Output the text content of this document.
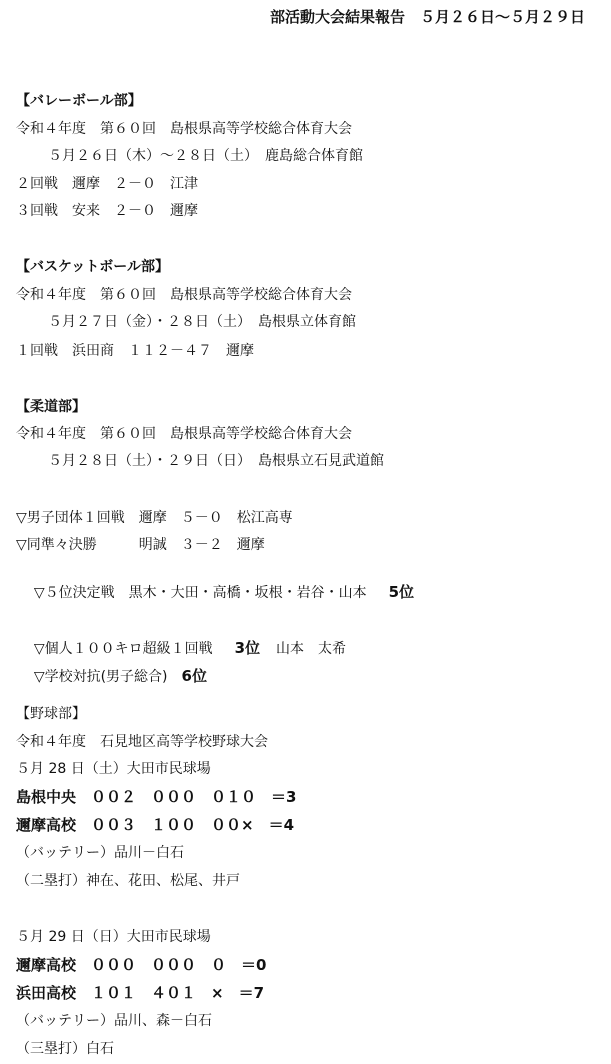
部活動大会結果報告　５月２６日〜５月２９日
【バレーボール部】
令和４年度　第６０回　島根県高等学校総合体育大会
５月２６日（木）〜２８日（土）　鹿島総合体育館
２回戦　邇摩　２－０　江津
３回戦　安来　２－０　邇摩
【バスケットボール部】
令和４年度　第６０回　島根県高等学校総合体育大会
５月２７日（金）・２８日（土）　島根県立体育館
１回戦　浜田商　１１２－４７　邇摩
【柔道部】
令和４年度　第６０回　島根県高等学校総合体育大会
５月２８日（土）・２９日（日）　島根県立石見武道館
▽男子団体１回戦　邇摩　５－０　松江高専
▽同準々決勝　　　明誠　３－２　邇摩

▽５位決定戦　黒木・大田・高橋・坂根・岩谷・山本 5位

▽個人１００キロ超級１回戦 3位 山本　太希

▽学校対抗(男子総合) 6位

【野球部】
令和４年度　石見地区高等学校野球大会
５月 28 日（土）大田市民球場
島根中央　００２　０００　０１０　＝3
邇摩高校　００３　１００　００×　＝4
（バッテリー）品川－白石
（二塁打）神在、花田、松尾、井戸
５月 29 日（日）大田市民球場
邇摩高校　０００　０００　０　＝0
浜田高校　１０１　４０１　×　＝7
（バッテリー）品川、森－白石
（三塁打）白石
